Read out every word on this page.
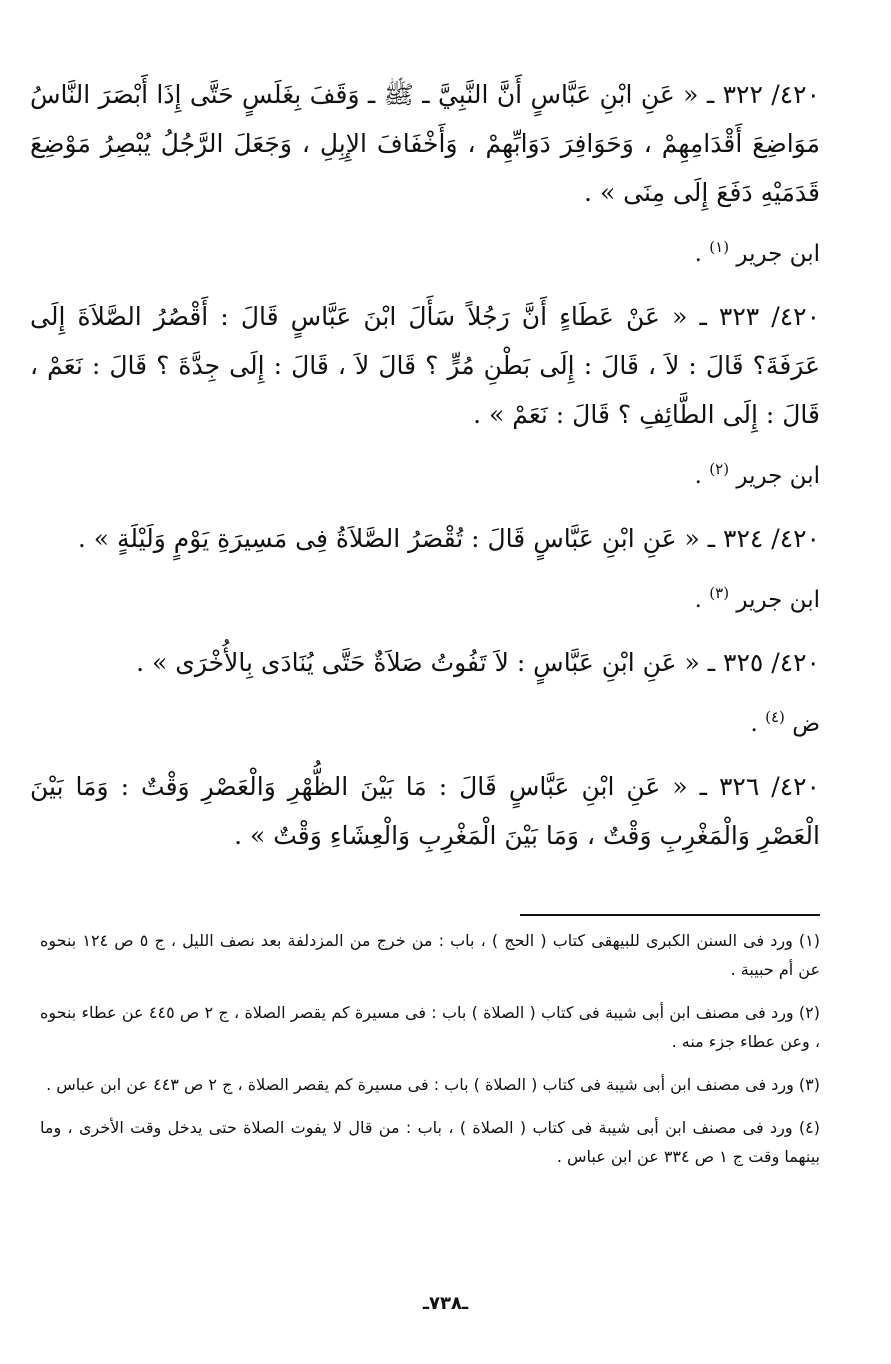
٤٢٠/ ٣٢٢ ـ « عَنِ ابْنِ عَبَّاسٍ أَنَّ النَّبِيَّ ـ ﷺ ـ وَقَفَ بِغَلَسٍ حَتَّى إِذَا أَبْصَرَ النَّاسُ مَوَاضِعَ أَقْدَامِهِمْ ، وَحَوَافِرَ دَوَابِّهِمْ ، وَأَخْفَافَ الإِبِلِ ، وَجَعَلَ الرَّجُلُ يُبْصِرُ مَوْضِعَ قَدَمَيْهِ دَفَعَ إِلَى مِنَى » .

ابن جرير $^{(١)}$ .

٤٢٠/ ٣٢٣ ـ « عَنْ عَطَاءٍ أَنَّ رَجُلاً سَأَلَ ابْنَ عَبَّاسٍ قَالَ : أَقْصُرُ الصَّلاَةَ إِلَى عَرَفَةَ؟ قَالَ : لاَ ، قَالَ : إِلَى بَطْنِ مُرٍّ ؟ قَالَ لاَ ، قَالَ : إِلَى جِدَّةَ ؟ قَالَ : نَعَمْ ، قَالَ : إِلَى الطَّائِفِ ؟ قَالَ : نَعَمْ » .

ابن جرير $^{(٢)}$ .

٤٢٠/ ٣٢٤ ـ « عَنِ ابْنِ عَبَّاسٍ قَالَ : تُقْصَرُ الصَّلاَةُ فِى مَسِيرَةِ يَوْمٍ وَلَيْلَةٍ » .

ابن جرير $^{(٣)}$ .

٤٢٠/ ٣٢٥ ـ « عَنِ ابْنِ عَبَّاسٍ : لاَ تَفُوتُ صَلاَةٌ حَتَّى يُنَادَى بِالأُخْرَى » .

ض $^{(٤)}$ .

٤٢٠/ ٣٢٦ ـ « عَنِ ابْنِ عَبَّاسٍ قَالَ : مَا بَيْنَ الظُّهْرِ وَالْعَصْرِ وَقْتٌ : وَمَا بَيْنَ الْعَصْرِ وَالْمَغْرِبِ وَقْتٌ ، وَمَا بَيْنَ الْمَغْرِبِ وَالْعِشَاءِ وَقْتٌ » .

(١) ورد فى السنن الكبرى للبيهقى كتاب ( الحج ) ، باب : من خرج من المزدلفة بعد نصف الليل ، ج ٥ ص ١٢٤ بنحوه عن أم حبيبة .

(٢) ورد فى مصنف ابن أبى شيبة فى كتاب ( الصلاة ) باب : فى مسيرة كم يقصر الصلاة ، ج ٢ ص ٤٤٥ عن عطاء بنحوه ، وعن عطاء جزء منه .

(٣) ورد فى مصنف ابن أبى شيبة فى كتاب ( الصلاة ) باب : فى مسيرة كم يقصر الصلاة ، ج ٢ ص ٤٤٣ عن ابن عباس .

(٤) ورد فى مصنف ابن أبى شيبة فى كتاب ( الصلاة ) ، باب : من قال لا يفوت الصلاة حتى يدخل وقت الأخرى ، وما بينهما وقت ج ١ ص ٣٣٤ عن ابن عباس .

ـ٧٣٨ـ
